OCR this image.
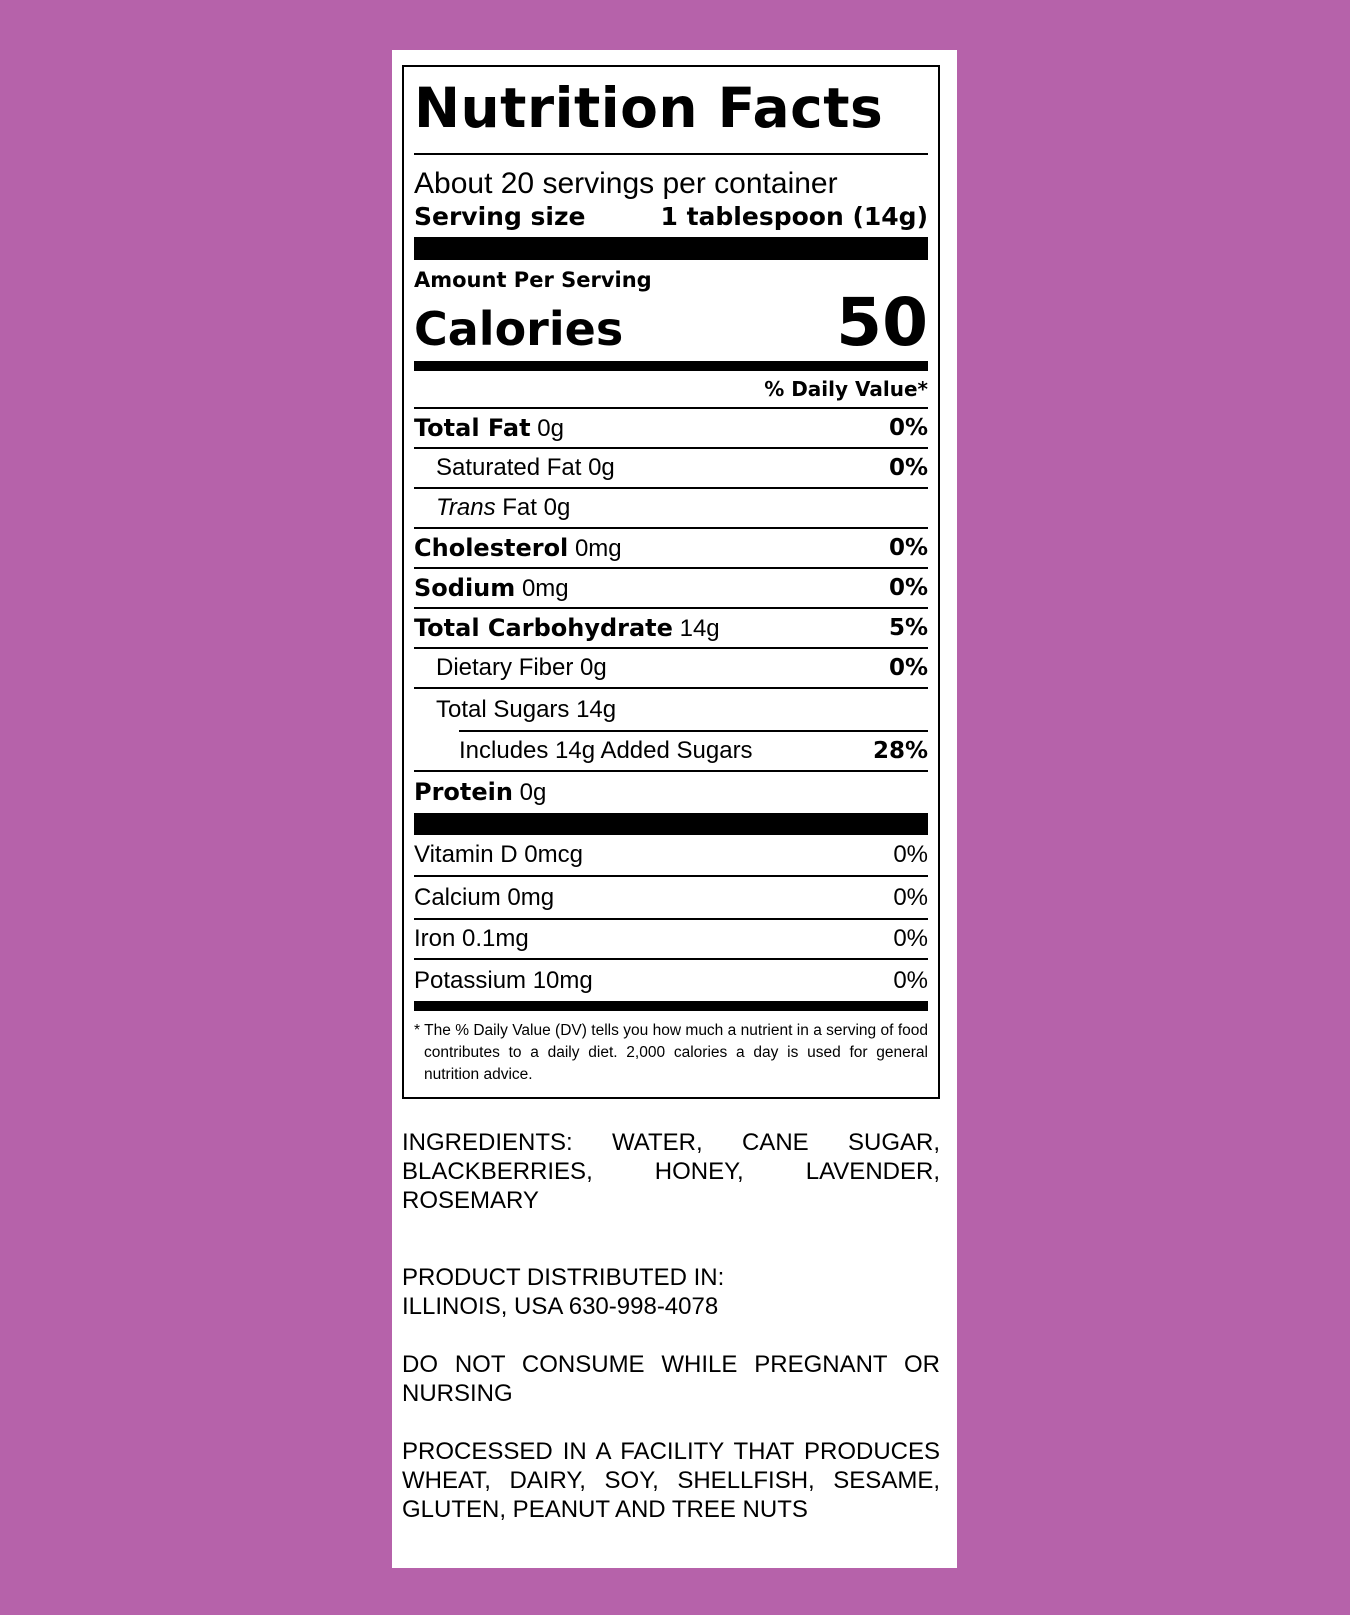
Nutrition Facts
About 20 servings per container
Serving size	1 tablespoon (14g)
Amount Per Serving
Calories	50
% Daily Value*
Total Fat 0g	0%
Saturated Fat 0g	0%
Trans Fat 0g
Cholesterol 0mg	0%
Sodium 0mg	0%
Total Carbohydrate 14g	5%
Dietary Fiber 0g	0%
Total Sugars 14g
Includes 14g Added Sugars	28%
Protein 0g
Vitamin D 0mcg	0%
Calcium 0mg	0%
Iron 0.1mg	0%
Potassium 10mg	0%
* The % Daily Value (DV) tells you how much a nutrient in a serving of food contributes to a daily diet. 2,000 calories a day is used for general nutrition advice.
INGREDIENTS: WATER, CANE SUGAR, BLACKBERRIES, HONEY, LAVENDER, ROSEMARY
PRODUCT DISTRIBUTED IN:
ILLINOIS, USA 630-998-4078
DO NOT CONSUME WHILE PREGNANT OR NURSING
PROCESSED IN A FACILITY THAT PRODUCES WHEAT, DAIRY, SOY, SHELLFISH, SESAME, GLUTEN, PEANUT AND TREE NUTS
